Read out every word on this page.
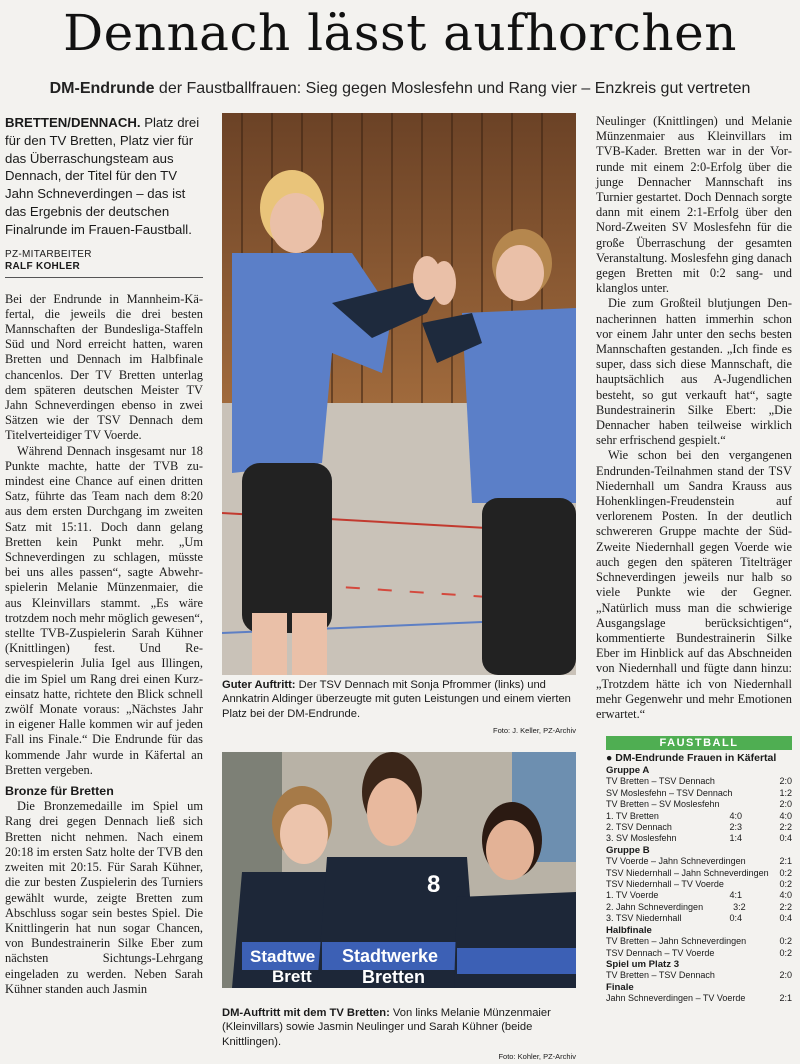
Dennach lässt aufhorchen
DM-Endrunde der Faustballfrauen: Sieg gegen Moslesfehn und Rang vier – Enzkreis gut vertreten
BRETTEN/DENNACH. Platz drei für den TV Bretten, Platz vier für das Überraschungsteam aus Dennach, der Titel für den TV Jahn Schneverdingen – das ist das Ergebnis der deutschen Finalrunde im Frauen-Faustball.
PZ-MITARBEITER
RALF KOHLER

Bei der Endrunde in Mannheim-Käfertal, die jeweils die drei besten Mannschaften der Bundesliga-Staffeln Süd und Nord erreicht hatten, waren Bretten und Dennach im Halbfinale chancenlos. Der TV Bretten unterlag dem späteren deutschen Meister TV Jahn Schneverdingen ebenso in zwei Sätzen wie der TSV Dennach dem Titelverteidiger TV Voerde.

Während Dennach insgesamt nur 18 Punkte machte, hatte der TVB zumindest eine Chance auf einen dritten Satz, führte das Team nach dem 8:20 aus dem ersten Durchgang im zweiten Satz mit 15:11. Doch dann gelang Bretten kein Punkt mehr. „Um Schneverdingen zu schlagen, müsste bei uns alles passen“, sagte Abwehrspielerin Melanie Münzenmaier, die aus Kleinvillars stammt. „Es wäre trotzdem noch mehr möglich gewesen“, stellte TVB-Zuspielerin Sarah Kühner (Knittlingen) fest. Und Reservespielerin Julia Igel aus Illingen, die im Spiel um Rang drei einen Kurzeinsatz hatte, richtete den Blick schnell zwölf Monate voraus: „Nächstes Jahr in eigener Halle kommen wir auf jeden Fall ins Finale.“ Die Endrunde für das kommende Jahr wurde in Käfertal an Bretten vergeben.

Bronze für Bretten

Die Bronzemedaille im Spiel um Rang drei gegen Dennach ließ sich Bretten nicht nehmen. Nach einem 20:18 im ersten Satz holte der TVB den zweiten mit 20:15. Für Sarah Kühner, die zur besten Zuspielerin des Turniers gewählt wurde, zeigte Bretten zum Abschluss sogar sein bestes Spiel. Die Knittlingerin hat nun sogar Chancen, von Bundestrainerin Silke Eber zum nächsten Sichtungs-Lehrgang eingeladen zu werden. Neben Sarah Kühner standen auch Jasmin

Guter Auftritt: Der TSV Dennach mit Sonja Pfrommer (links) und Annkatrin Aldinger überzeugte mit guten Leistungen und einem vierten Platz bei der DM-Endrunde.
Foto: J. Keller, PZ-Archiv
8
Stadtwe
Brett
Stadtwerke
Bretten
DM-Auftritt mit dem TV Bretten: Von links Melanie Münzenmaier (Kleinvillars) sowie Jasmin Neulinger und Sarah Kühner (beide Knittlingen).
Foto: Kohler, PZ-Archiv

Neulinger (Knittlingen) und Melanie Münzenmaier aus Kleinvillars im TVB-Kader. Bretten war in der Vorrunde mit einem 2:0-Erfolg über die junge Dennacher Mannschaft ins Turnier gestartet. Doch Dennach sorgte dann mit einem 2:1-Erfolg über den Nord-Zweiten SV Moslesfehn für die große Überraschung der gesamten Veranstaltung. Moslesfehn ging danach gegen Bretten mit 0:2 sang- und klanglos unter.

Die zum Großteil blutjungen Dennacherinnen hatten immerhin schon vor einem Jahr unter den sechs besten Mannschaften gestanden. „Ich finde es super, dass sich diese Mannschaft, die hauptsächlich aus A-Jugendlichen besteht, so gut verkauft hat“, sagte Bundestrainerin Silke Ebert: „Die Dennacher haben teilweise wirklich sehr erfrischend gespielt.“

Wie schon bei den vergangenen Endrunden-Teilnahmen stand der TSV Niedernhall um Sandra Krauss aus Hohenklingen-Freudenstein auf verlorenem Posten. In der deutlich schwereren Gruppe machte der Süd-Zweite Niedernhall gegen Voerde wie auch gegen den späteren Titelträger Schneverdingen jeweils nur halb so viele Punkte wie der Gegner. „Natürlich muss man die schwierige Ausgangslage berücksichtigen“, kommentierte Bundestrainerin Silke Eber im Hinblick auf das Abschneiden von Niedernhall und fügte dann hinzu: „Trotzdem hätte ich von Niedernhall mehr Gegenwehr und mehr Emotionen erwartet.“

FAUSTBALL
● DM-Endrunde Frauen in Käfertal
Gruppe A
TV Bretten – TSV Dennach	2:0
SV Moslesfehn – TSV Dennach	1:2
TV Bretten – SV Moslesfehn	2:0
1. TV Bretten	4:0	4:0
2. TSV Dennach	2:3	2:2
3. SV Moslesfehn	1:4	0:4
Gruppe B
TV Voerde – Jahn Schneverdingen	2:1
TSV Niedernhall – Jahn Schneverdingen 0:2
TSV Niedernhall – TV Voerde	0:2
1. TV Voerde	4:1	4:0
2. Jahn Schneverdingen	3:2	2:2
3. TSV Niedernhall	0:4	0:4
Halbfinale
TV Bretten – Jahn Schneverdingen	0:2
TSV Dennach – TV Voerde	0:2
Spiel um Platz 3
TV Bretten – TSV Dennach	2:0
Finale
Jahn Schneverdingen – TV Voerde	2:1
